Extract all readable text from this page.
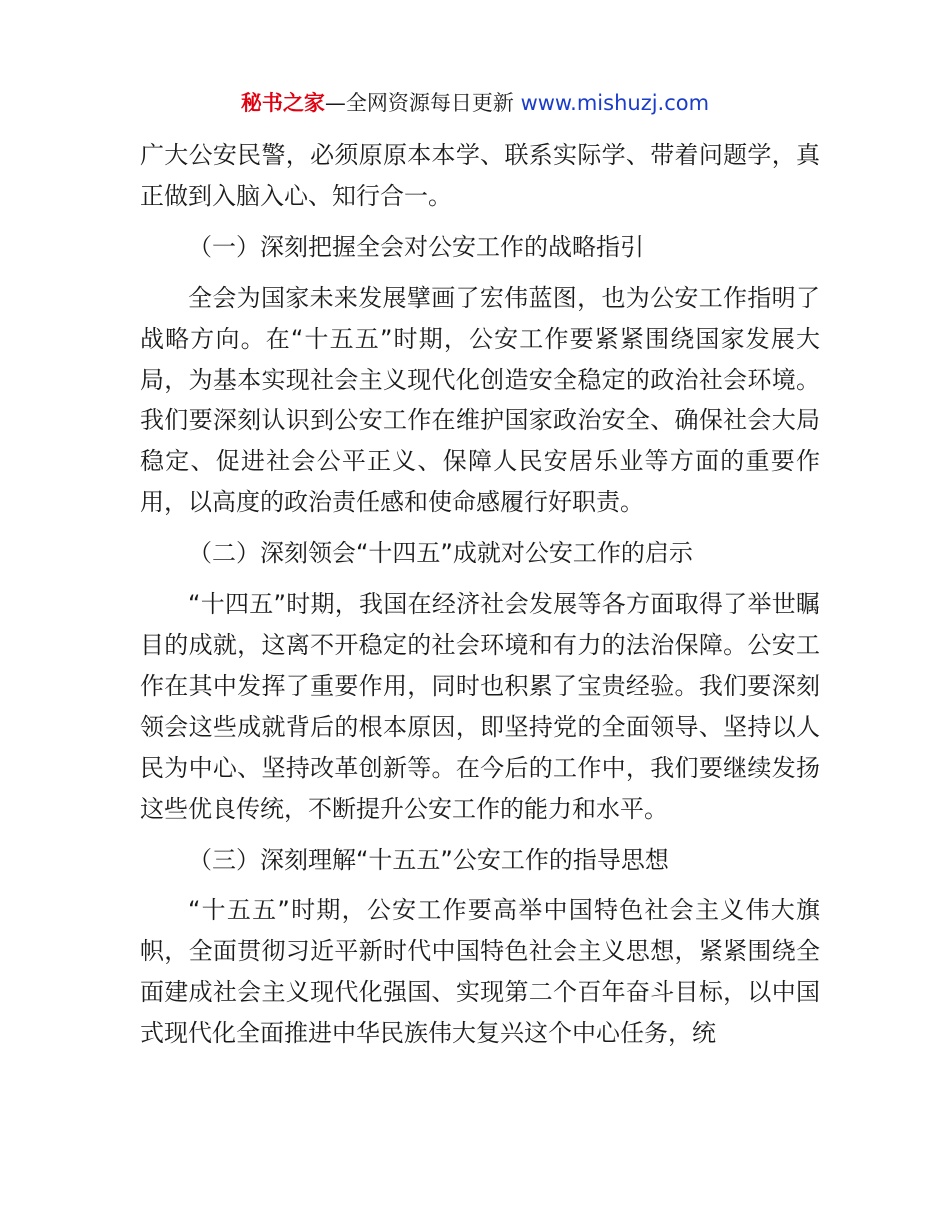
秘书之家—全网资源每日更新 www.mishuzj.com

广大公安民警，必须原原本本学、联系实际学、带着问题学，真正做到入脑入心、知行合一。

（一）深刻把握全会对公安工作的战略指引

全会为国家未来发展擘画了宏伟蓝图，也为公安工作指明了战略方向。在“十五五”时期，公安工作要紧紧围绕国家发展大局，为基本实现社会主义现代化创造安全稳定的政治社会环境。我们要深刻认识到公安工作在维护国家政治安全、确保社会大局稳定、促进社会公平正义、保障人民安居乐业等方面的重要作用，以高度的政治责任感和使命感履行好职责。

（二）深刻领会“十四五”成就对公安工作的启示

“十四五”时期，我国在经济社会发展等各方面取得了举世瞩目的成就，这离不开稳定的社会环境和有力的法治保障。公安工作在其中发挥了重要作用，同时也积累了宝贵经验。我们要深刻领会这些成就背后的根本原因，即坚持党的全面领导、坚持以人民为中心、坚持改革创新等。在今后的工作中，我们要继续发扬这些优良传统，不断提升公安工作的能力和水平。

（三）深刻理解“十五五”公安工作的指导思想

“十五五”时期，公安工作要高举中国特色社会主义伟大旗帜，全面贯彻习近平新时代中国特色社会主义思想，紧紧围绕全面建成社会主义现代化强国、实现第二个百年奋斗目标，以中国式现代化全面推进中华民族伟大复兴这个中心任务，统
